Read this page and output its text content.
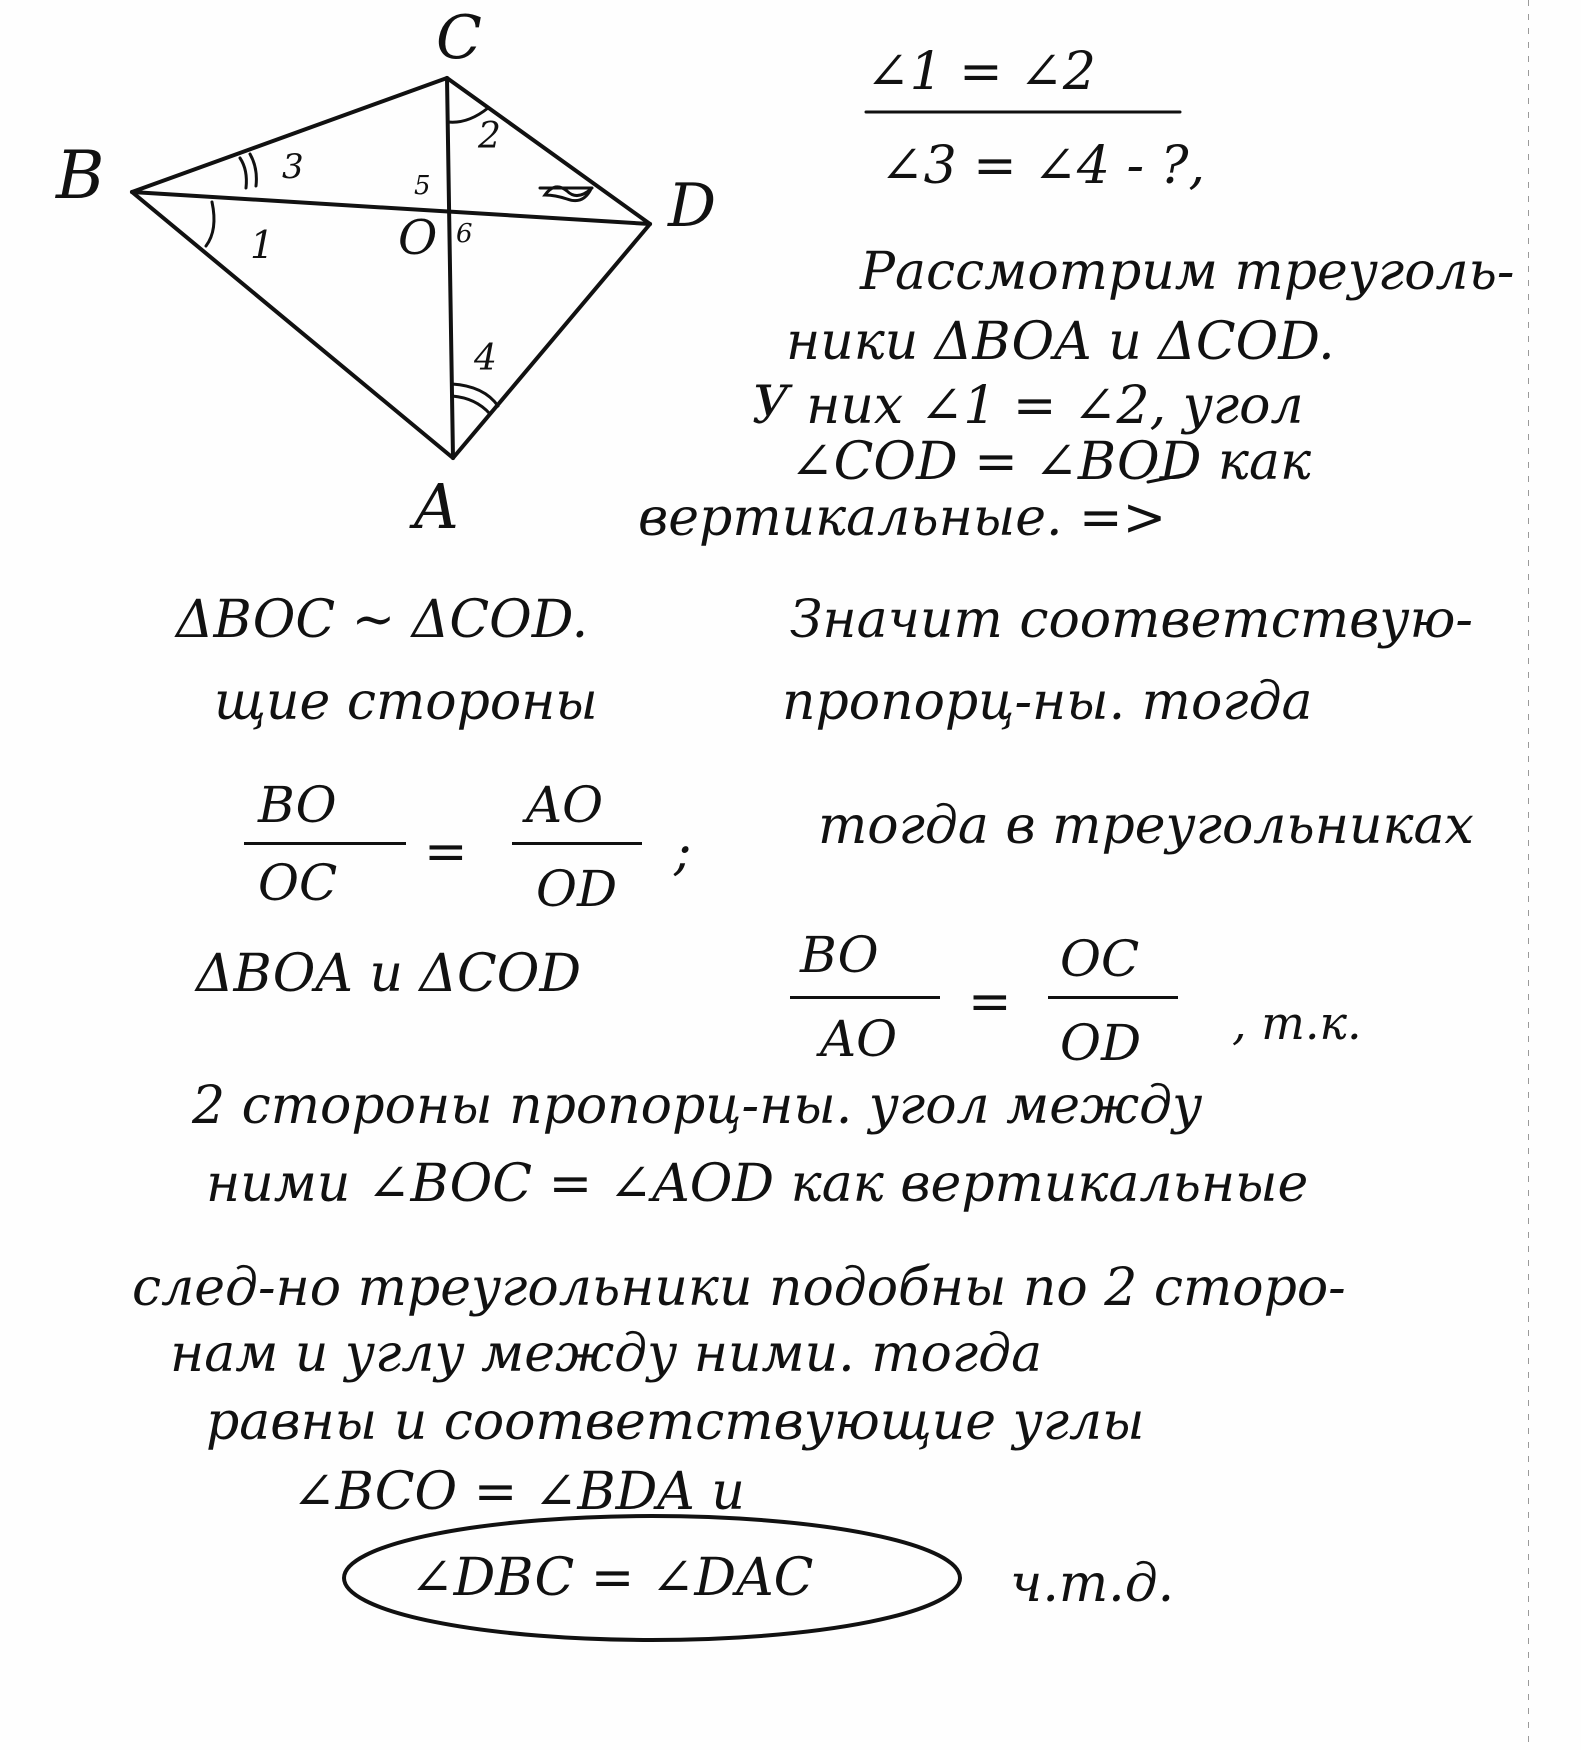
B
C
D
A
O
1
2
3
4
5
6
∠1 = ∠2
∠3 = ∠4 - ?,
Рассмотрим треуголь-
ники ΔBOA и ΔCOD.
У них ∠1 = ∠2, угол
∠COD = ∠BOD как
вертикальные. =>
ΔBOC ~ ΔCOD.	Значит соответствую-
щие стороны	пропорц-ны. тогда
BO
OC
=
AO
OD
; тогда в треугольниках
ΔBOA и ΔCOD	BO
AO
=
OC
OD , т.к.
2 стороны пропорц-ны. угол между
ними ∠BOC = ∠AOD как вертикальные
след-но треугольники подобны по 2 сторо-
нам и углу между ними. тогда
равны и соответствующие углы
∠BCO = ∠BDA и
∠DBC = ∠DAC	ч.т.д.
